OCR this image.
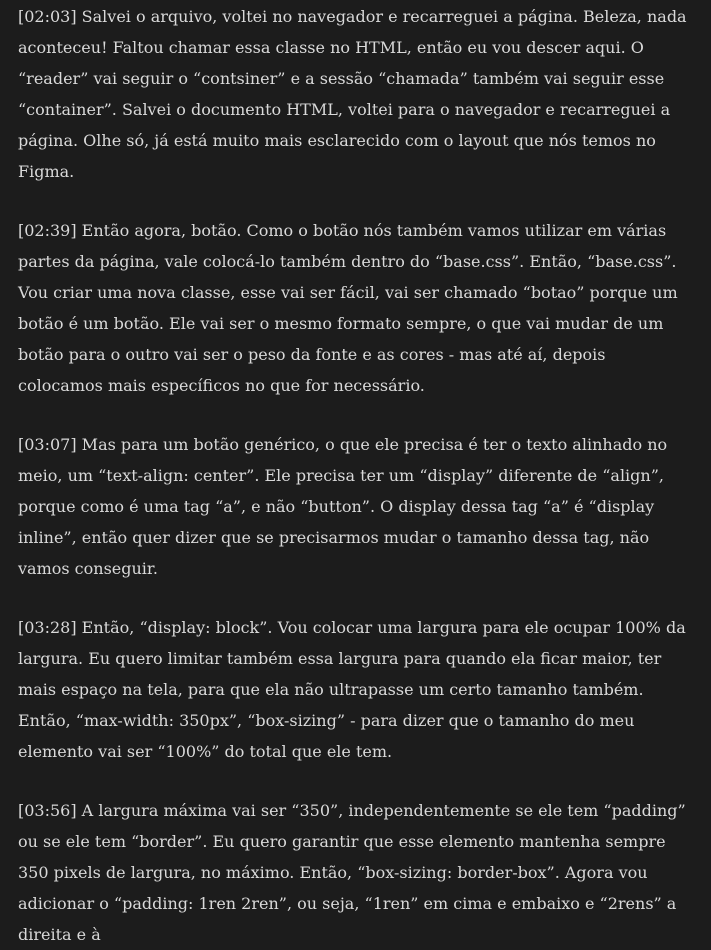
[02:03] Salvei o arquivo, voltei no navegador e recarreguei a página. Beleza, nada aconteceu! Faltou chamar essa classe no HTML, então eu vou descer aqui. O “reader” vai seguir o “contsiner” e a sessão “chamada” também vai seguir esse “container”. Salvei o documento HTML, voltei para o navegador e recarreguei a página. Olhe só, já está muito mais esclarecido com o layout que nós temos no Figma.

[02:39] Então agora, botão. Como o botão nós também vamos utilizar em várias partes da página, vale colocá-lo também dentro do “base.css”. Então, “base.css”. Vou criar uma nova classe, esse vai ser fácil, vai ser chamado “botao” porque um botão é um botão. Ele vai ser o mesmo formato sempre, o que vai mudar de um botão para o outro vai ser o peso da fonte e as cores - mas até aí, depois colocamos mais específicos no que for necessário.

[03:07] Mas para um botão genérico, o que ele precisa é ter o texto alinhado no meio, um “text-align: center”. Ele precisa ter um “display” diferente de “align”, porque como é uma tag “a”, e não “button”. O display dessa tag “a” é “display inline”, então quer dizer que se precisarmos mudar o tamanho dessa tag, não vamos conseguir.

[03:28] Então, “display: block”. Vou colocar uma largura para ele ocupar 100% da largura. Eu quero limitar também essa largura para quando ela ficar maior, ter mais espaço na tela, para que ela não ultrapasse um certo tamanho também. Então, “max-width: 350px”, “box-sizing” - para dizer que o tamanho do meu elemento vai ser “100%” do total que ele tem.

[03:56] A largura máxima vai ser “350”, independentemente se ele tem “padding” ou se ele tem “border”. Eu quero garantir que esse elemento mantenha sempre 350 pixels de largura, no máximo. Então, “box-sizing: border-box”. Agora vou adicionar o “padding: 1ren 2ren”, ou seja, “1ren” em cima e embaixo e “2rens” a direita e à
